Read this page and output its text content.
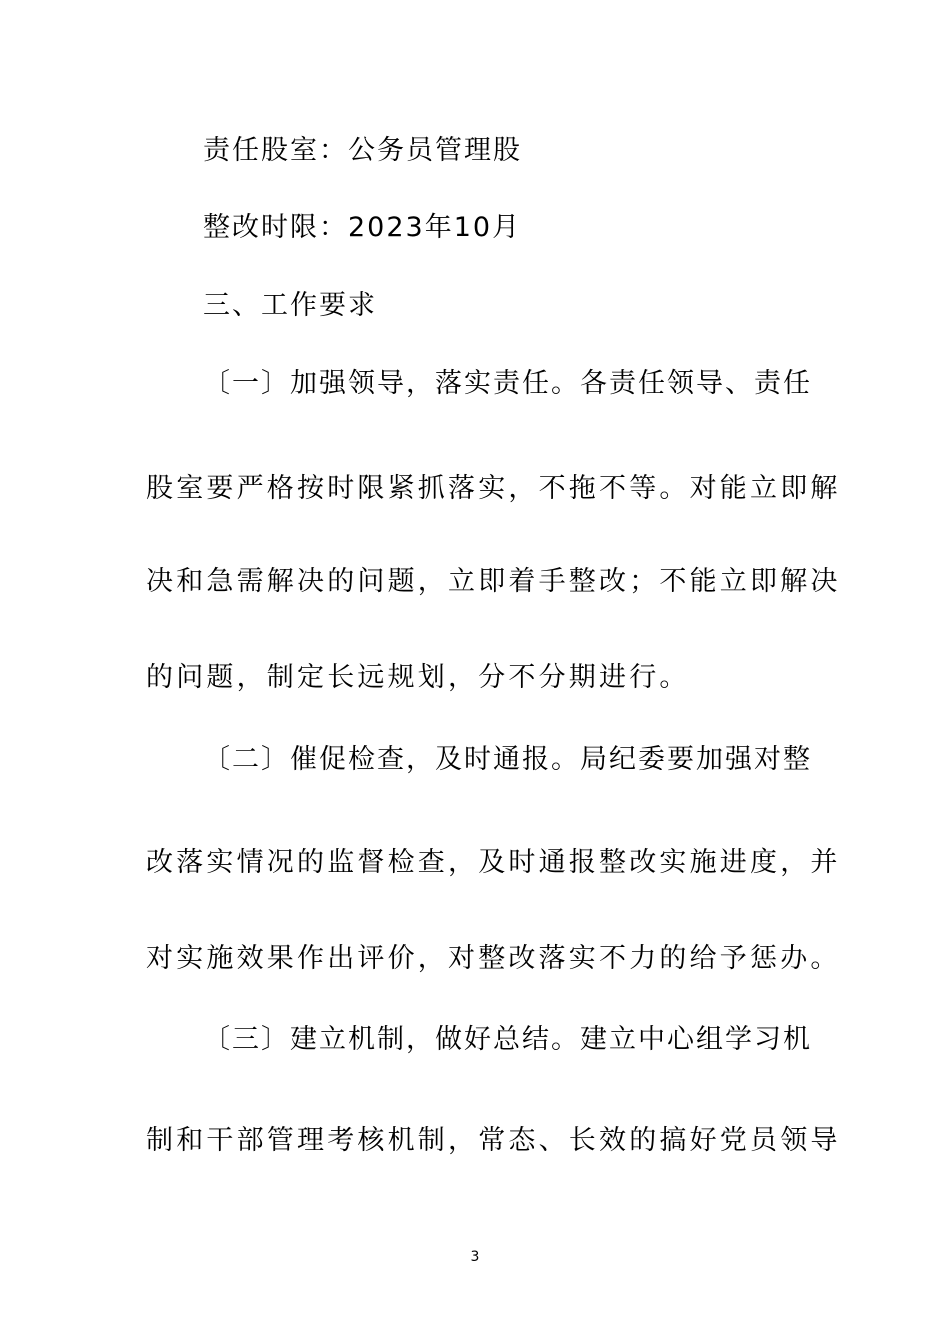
责任股室：公务员管理股
整改时限：2023年10月
三、工作要求
〔一〕加强领导，落实责任。各责任领导、责任
股室要严格按时限紧抓落实，不拖不等。对能立即解
决和急需解决的问题，立即着手整改；不能立即解决
的问题，制定长远规划，分不分期进行。
〔二〕催促检查，及时通报。局纪委要加强对整
改落实情况的监督检查，及时通报整改实施进度，并
对实施效果作出评价，对整改落实不力的给予惩办。
〔三〕建立机制，做好总结。建立中心组学习机
制和干部管理考核机制，常态、长效的搞好党员领导
3
